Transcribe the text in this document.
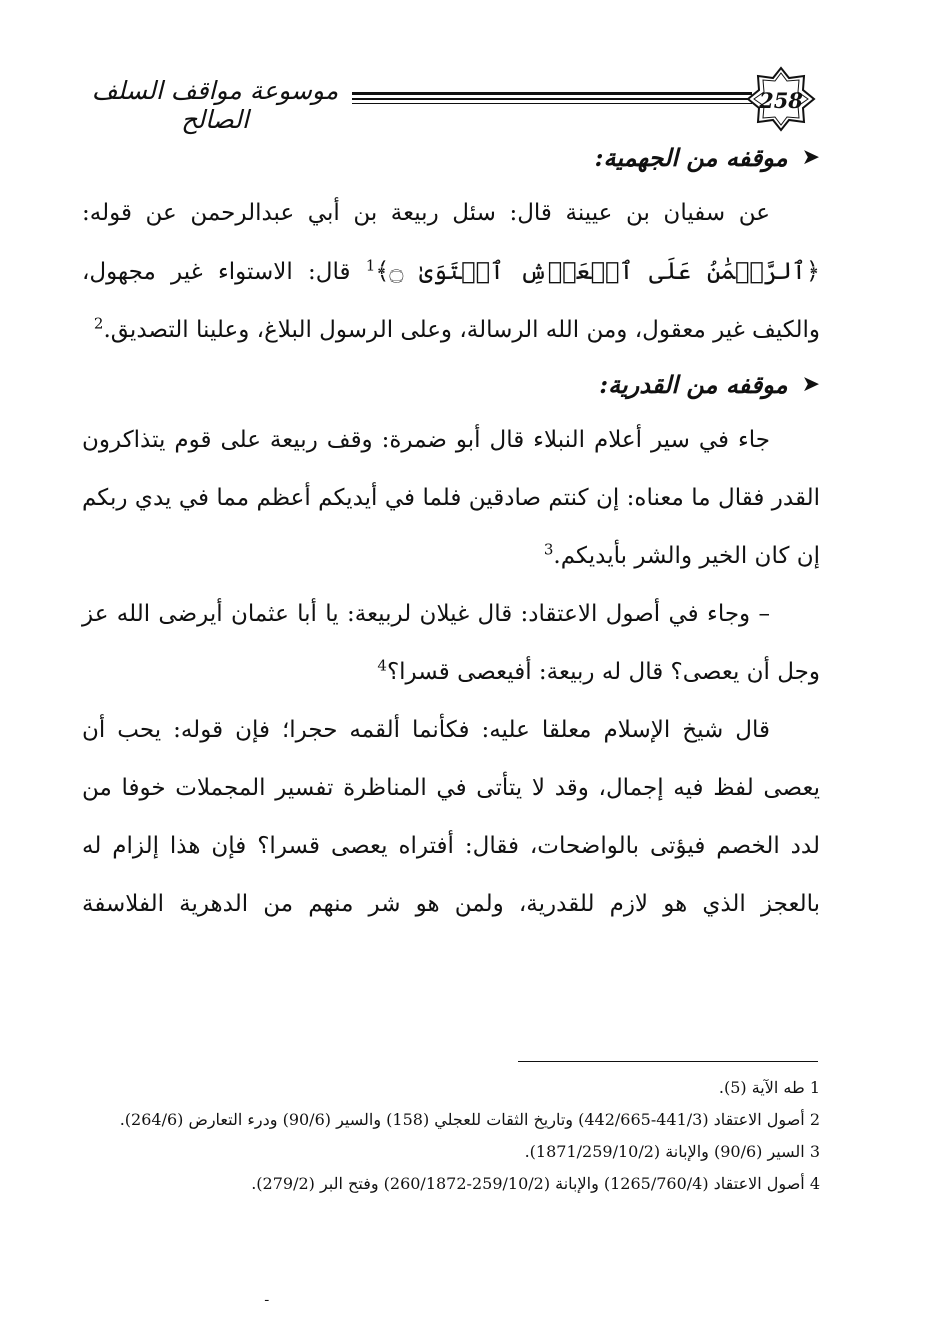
موسوعة مواقف السلف الصالح
258
➤
موقفه من الجهمية:
عن سفيان بن عيينة قال: سئل ربيعة بن أبي عبدالرحمن عن قوله: ﴿ٱلرَّحۡمَٰنُ عَلَى ٱلۡعَرۡشِ ٱسۡتَوَىٰ ۝﴾$^1$ قال: الاستواء غير مجهول، والكيف غير معقول، ومن الله الرسالة، وعلى الرسول البلاغ، وعلينا التصديق.$^2$
➤
موقفه من القدرية:
جاء في سير أعلام النبلاء قال أبو ضمرة: وقف ربيعة على قوم يتذاكرون القدر فقال ما معناه: إن كنتم صادقين فلما في أيديكم أعظم مما في يدي ربكم إن كان الخير والشر بأيديكم.$^3$
– وجاء في أصول الاعتقاد: قال غيلان لربيعة: يا أبا عثمان أيرضى الله عز وجل أن يعصى؟ قال له ربيعة: أفيعصى قسرا؟$^4$
قال شيخ الإسلام معلقا عليه: فكأنما ألقمه حجرا؛ فإن قوله: يحب أن يعصى لفظ فيه إجمال، وقد لا يتأتى في المناظرة تفسير المجملات خوفا من لدد الخصم فيؤتى بالواضحات، فقال: أفتراه يعصى قسرا؟ فإن هذا إلزام له بالعجز الذي هو لازم للقدرية، ولمن هو شر منهم من الدهرية الفلاسفة
1 طه الآية (5).
2 أصول الاعتقاد (441/3-442/665) وتاريخ الثقات للعجلي (158) والسير (90/6) ودرء التعارض (264/6).
3 السير (90/6) والإبانة (1871/259/10/2).
4 أصول الاعتقاد (1265/760/4) والإبانة (259/10/2-260/1872) وفتح البر (279/2).
ـ
